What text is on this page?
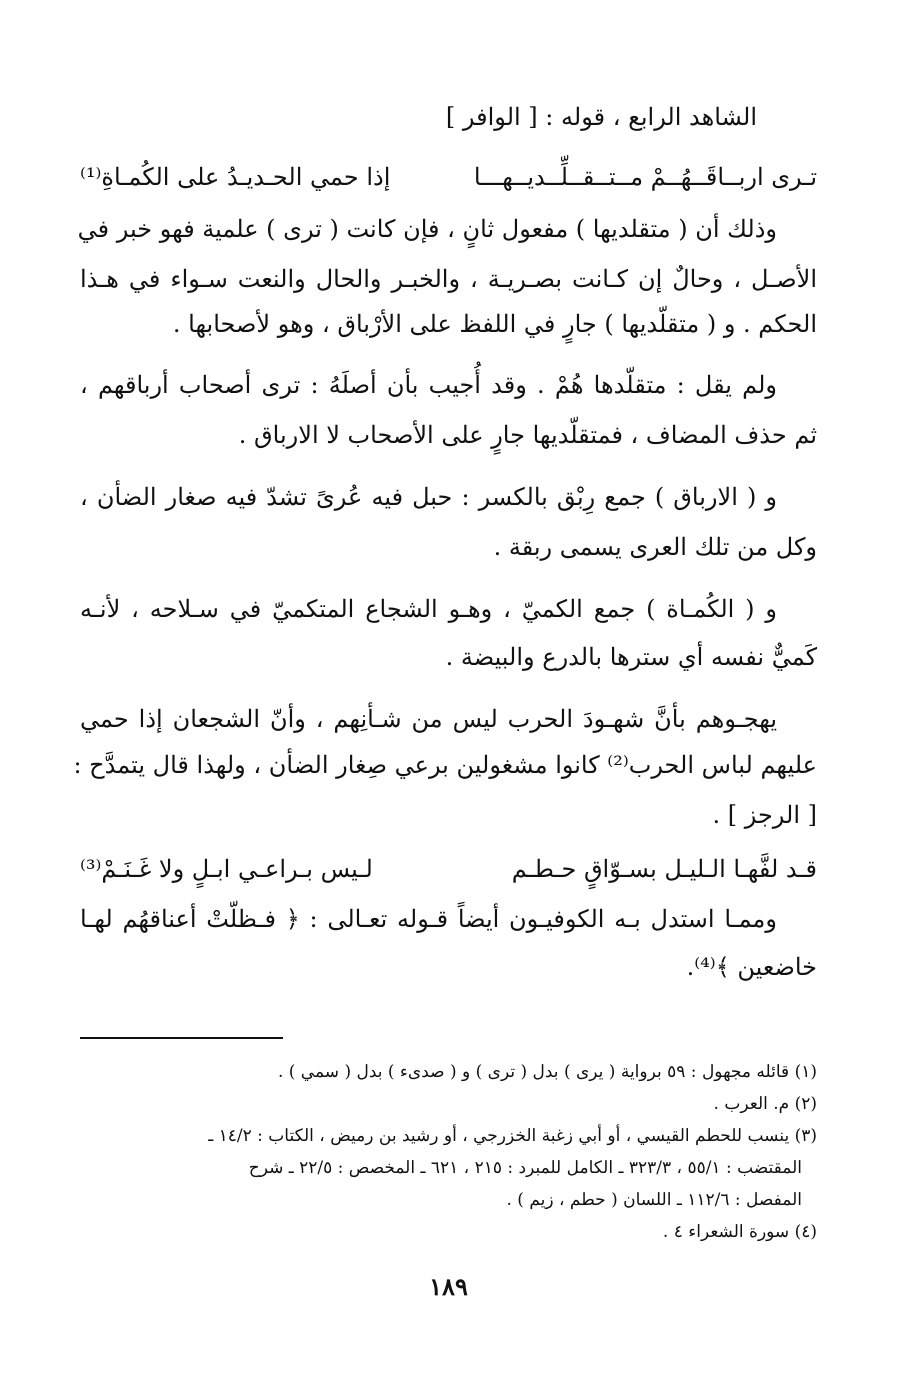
الشاهد الرابع ، قوله : [ الوافر ]
تـرى اربــاقَــهُــمْ مــتــقــلِّــديــهـــا
إذا حمي الحـديـدُ على الكُمـاةِ⁽¹⁾
وذلك أن ( متقلديها ) مفعول ثانٍ ، فإن كانت ( ترى ) علمية فهو خبر في
الأصـل ، وحالٌ إن كـانت بصـريـة ، والخبـر والحال والنعت سـواء في هـذا
الحكم . و ( متقلّديها ) جارٍ في اللفظ على الأرْباق ، وهو لأصحابها .
ولم يقل : متقلّدها هُمْ . وقد أُجيب بأن أصلَهُ : ترى أصحاب أرباقهم ،
ثم حذف المضاف ، فمتقلّديها جارٍ على الأصحاب لا الارباق .
و ( الارباق ) جمع رِبْق بالكسر : حبل فيه عُرىً تشدّ فيه صغار الضأن ،
وكل من تلك العرى يسمى ربقة .
و ( الكُمـاة ) جمع الكميّ ، وهـو الشجاع المتكميّ في سـلاحه ، لأنـه
كَميٌّ نفسه أي سترها بالدرع والبيضة .
يهجـوهم بأنَّ شهـودَ الحرب ليس من شـأنِهم ، وأنّ الشجعان إذا حمي
عليهم لباس الحرب⁽²⁾ كانوا مشغولين برعي صِغار الضأن ، ولهذا قال يتمدَّح :
[ الرجز ] .
قـد لفَّهـا الـليـل بسـوّاقٍ حـطـم
لـيس بـراعـي ابـلٍ ولا غَـنَـمْ⁽³⁾
وممـا استدل بـه الكوفيـون أيضاً قـوله تعـالى : ﴿ فـظلّتْ أعناقهُم لهـا
خاضعين ﴾⁽⁴⁾.
(١) قائله مجهول : ٥٩ برواية ( يرى ) بدل ( ترى ) و ( صدىء ) بدل ( سمي ) .
(٢) م. العرب .
(٣) ينسب للحطم القيسي ، أو أبي زغبة الخزرجي ، أو رشيد بن رميض ، الكتاب : ١٤/٢ ـ
المقتضب : ٥٥/١ ، ٣٢٣/٣ ـ الكامل للمبرد : ٢١٥ ، ٦٢١ ـ المخصص : ٢٢/٥ ـ شرح
المفصل : ١١٢/٦ ـ اللسان ( حطم ، زيم ) .
(٤) سورة الشعراء ٤ .
١٨٩
